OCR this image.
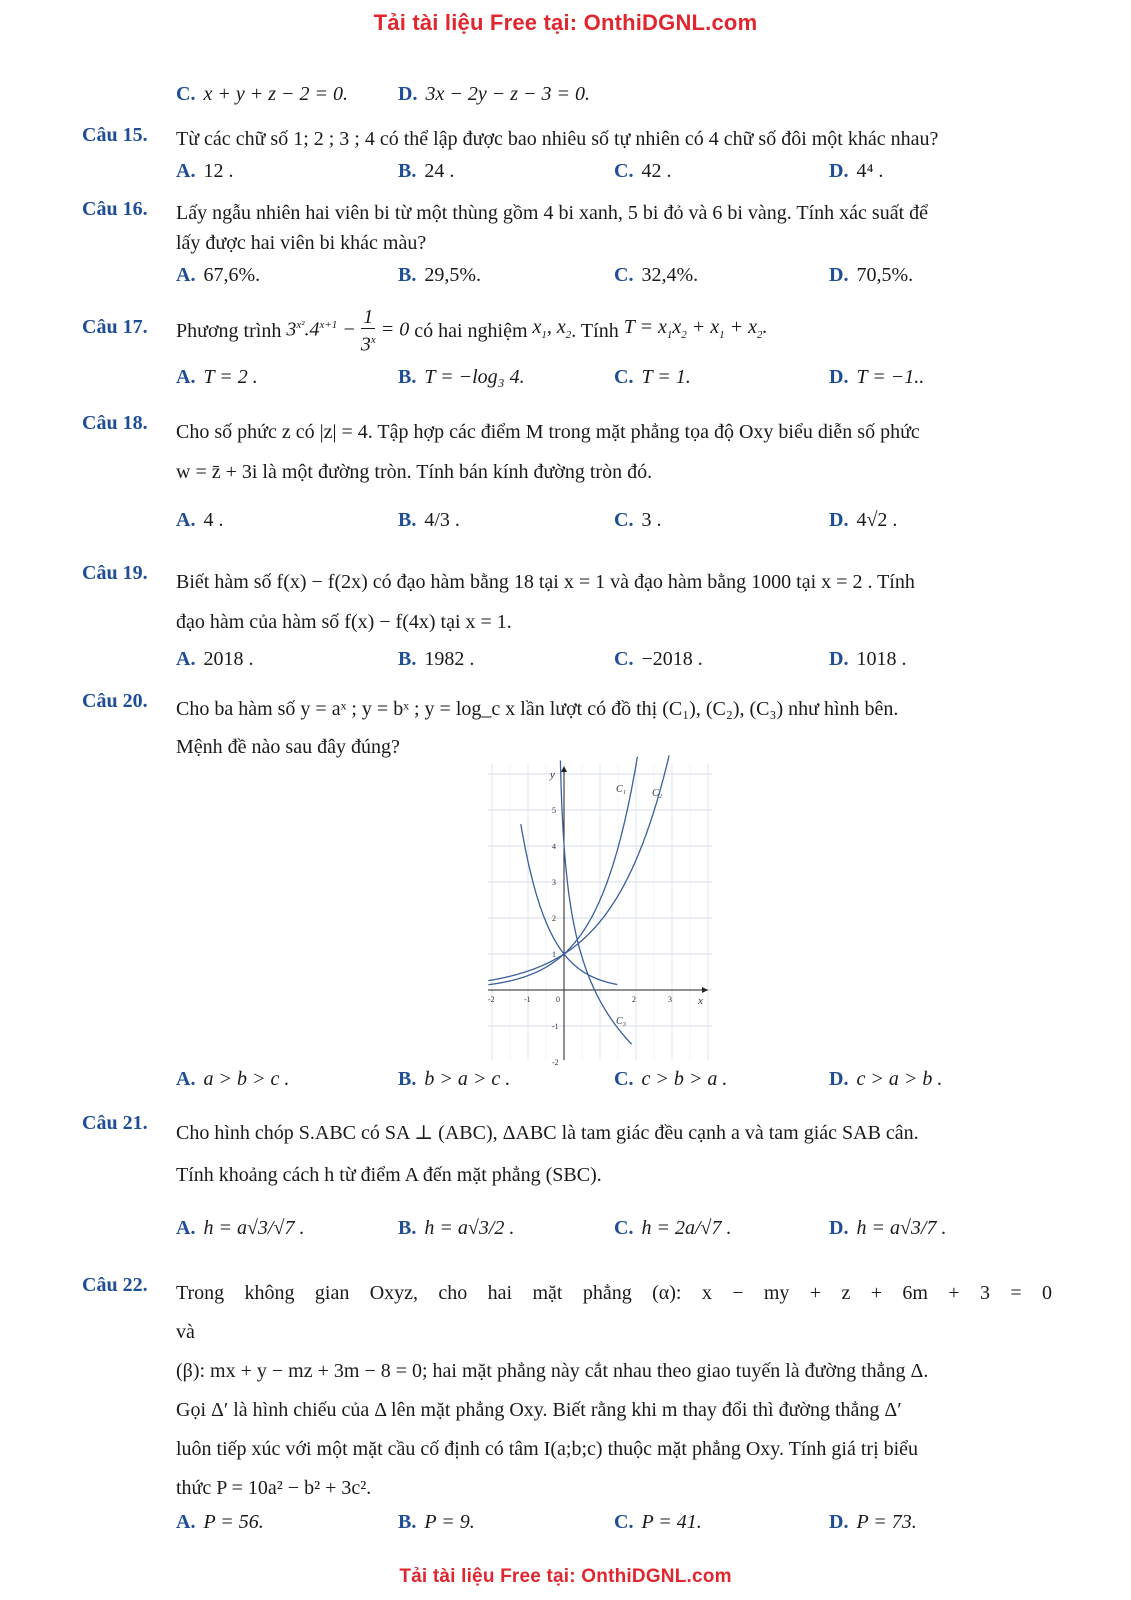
Tải tài liệu Free tại: OnthiDGNL.com
C. x + y + z − 2 = 0.	D. 3x − 2y − z − 3 = 0.
Câu 15. Từ các chữ số 1; 2 ; 3 ; 4 có thể lập được bao nhiêu số tự nhiên có 4 chữ số đôi một khác nhau?
A. 12 .	B. 24 .	C. 42 .	D. 4⁴ .
Câu 16. Lấy ngẫu nhiên hai viên bi từ một thùng gồm 4 bi xanh, 5 bi đỏ và 6 bi vàng. Tính xác suất để
lấy được hai viên bi khác màu?
A. 67,6%.	B. 29,5%.	C. 32,4%.	D. 70,5%.
Câu 17. Phương trình
$3^{x^2}.4^{x+1} - \frac{1}{3^x} = 0$
có hai nghiệm
$x_1$, $x_2$ . Tính
$T = x_1x_2 + x_1 + x_2$.
A. T = 2 .	B. T = −log₃ 4.	C. T = 1.	D. T = −1..
Câu 18. Cho số phức z có |z| = 4. Tập hợp các điểm M trong mặt phẳng tọa độ Oxy biểu diễn số phức
w = z̄ + 3i là một đường tròn. Tính bán kính đường tròn đó.
A. 4 .	B. 4/3 .	C. 3 .	D. 4√2 .
Câu 19. Biết hàm số f(x) − f(2x) có đạo hàm bằng 18 tại x = 1 và đạo hàm bằng 1000 tại x = 2 . Tính
đạo hàm của hàm số f(x) − f(4x) tại x = 1.
A. 2018 .	B. 1982 .	C. −2018 .	D. 1018 .
Câu 20. Cho ba hàm số y = aˣ ; y = bˣ ; y = log_c x lần lượt có đồ thị (C₁), (C₂), (C₃) như hình bên.
Mệnh đề nào sau đây đúng?
y
x
C₁	C₂
C₃
-2	-1	0	2	3
5
4
3
2
1
-1
-2
A. a > b > c .	B. b > a > c .	C. c > b > a .	D. c > a > b .
Câu 21. Cho hình chóp S.ABC có SA ⊥ (ABC), ΔABC là tam giác đều cạnh a và tam giác SAB cân.
Tính khoảng cách h từ điểm A đến mặt phẳng (SBC).
A. h = a√3/√7 .	B. h = a√3/2 .	C. h = 2a/√7 .	D. h = a√3/7 .
Câu 22. Trong không gian Oxyz, cho hai mặt phẳng (α): x − my + z + 6m + 3 = 0 và
(β): mx + y − mz + 3m − 8 = 0; hai mặt phẳng này cắt nhau theo giao tuyến là đường thẳng Δ.
Gọi Δ′ là hình chiếu của Δ lên mặt phẳng Oxy. Biết rằng khi m thay đổi thì đường thẳng Δ′
luôn tiếp xúc với một mặt cầu cố định có tâm I(a;b;c) thuộc mặt phẳng Oxy. Tính giá trị biểu
thức P = 10a² − b² + 3c².
A. P = 56.	B. P = 9.	C. P = 41.	D. P = 73.
Tải tài liệu Free tại: OnthiDGNL.com
